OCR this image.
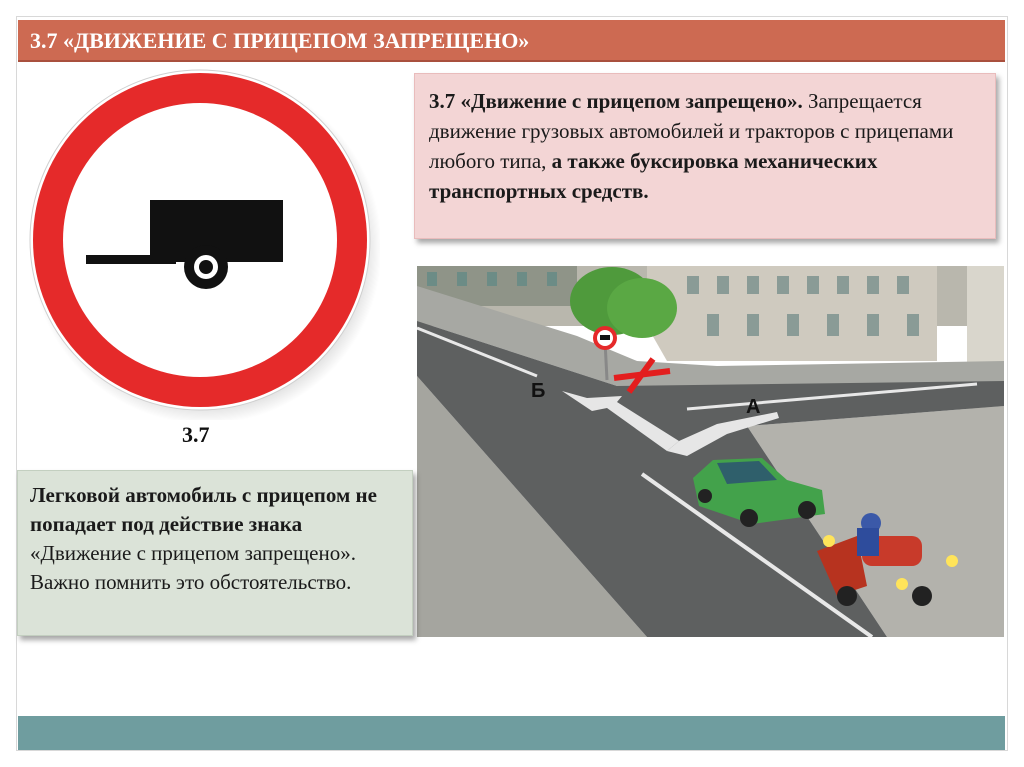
3.7 «ДВИЖЕНИЕ С ПРИЦЕПОМ ЗАПРЕЩЕНО»
3.7
3.7 «Движение с прицепом запрещено». Запрещается движение грузовых автомобилей и тракторов с прицепами любого типа, а также буксировка механических транспортных средств.
Б
А
Легковой автомобиль с прицепом не попадает под действие знака «Движение с прицепом запрещено». Важно помнить это обстоятельство.
